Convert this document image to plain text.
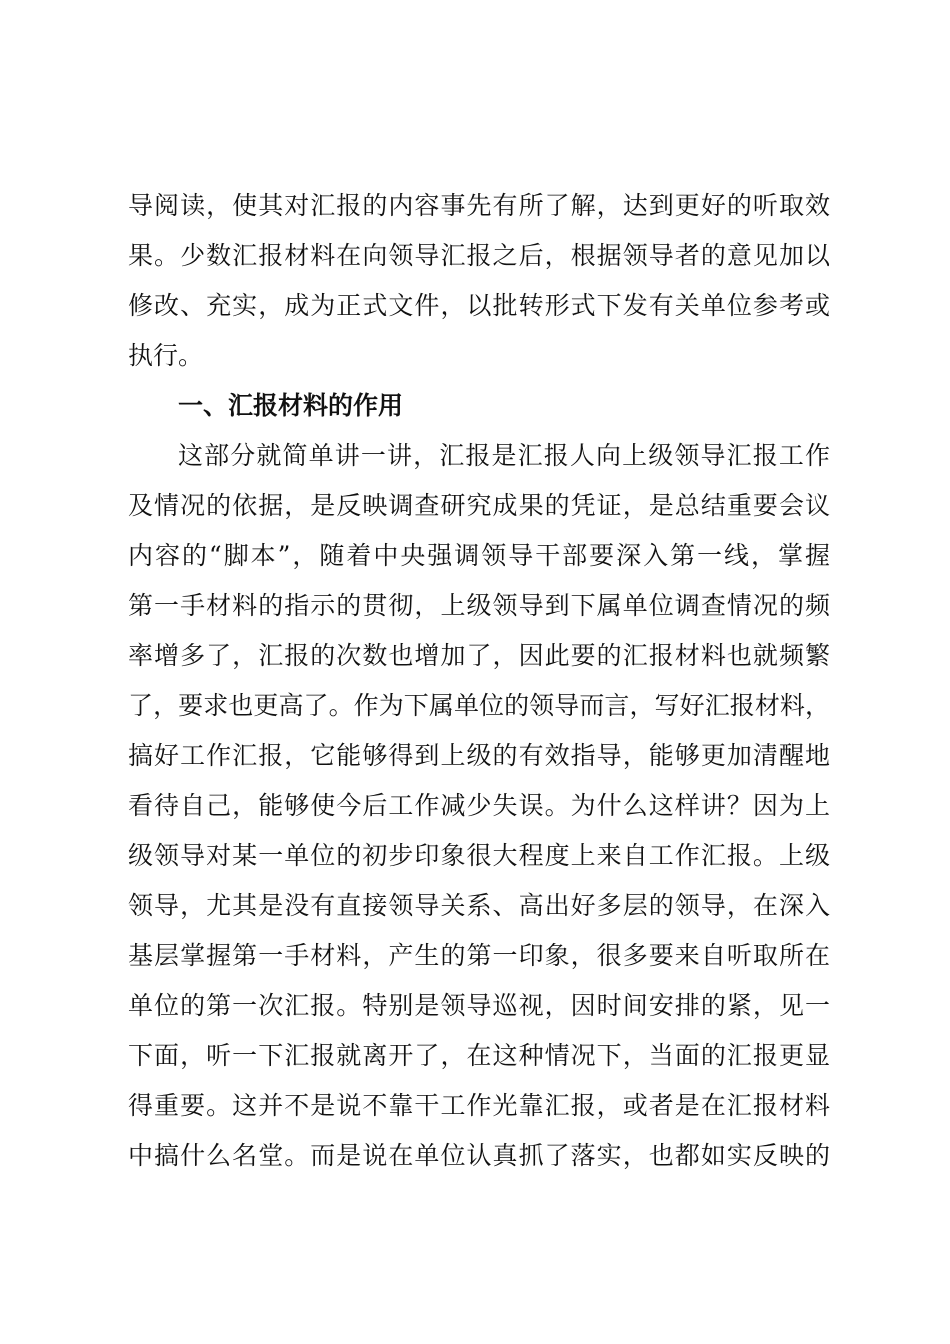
导阅读，使其对汇报的内容事先有所了解，达到更好的听取效
果。少数汇报材料在向领导汇报之后，根据领导者的意见加以
修改、充实，成为正式文件，以批转形式下发有关单位参考或
执行。
一、汇报材料的作用
这部分就简单讲一讲，汇报是汇报人向上级领导汇报工作
及情况的依据，是反映调查研究成果的凭证，是总结重要会议
内容的“脚本”，随着中央强调领导干部要深入第一线，掌握
第一手材料的指示的贯彻，上级领导到下属单位调查情况的频
率增多了，汇报的次数也增加了，因此要的汇报材料也就频繁
了，要求也更高了。作为下属单位的领导而言，写好汇报材料，
搞好工作汇报，它能够得到上级的有效指导，能够更加清醒地
看待自己，能够使今后工作减少失误。为什么这样讲？因为上
级领导对某一单位的初步印象很大程度上来自工作汇报。上级
领导，尤其是没有直接领导关系、高出好多层的领导，在深入
基层掌握第一手材料，产生的第一印象，很多要来自听取所在
单位的第一次汇报。特别是领导巡视，因时间安排的紧，见一
下面，听一下汇报就离开了，在这种情况下，当面的汇报更显
得重要。这并不是说不靠干工作光靠汇报，或者是在汇报材料
中搞什么名堂。而是说在单位认真抓了落实，也都如实反映的
